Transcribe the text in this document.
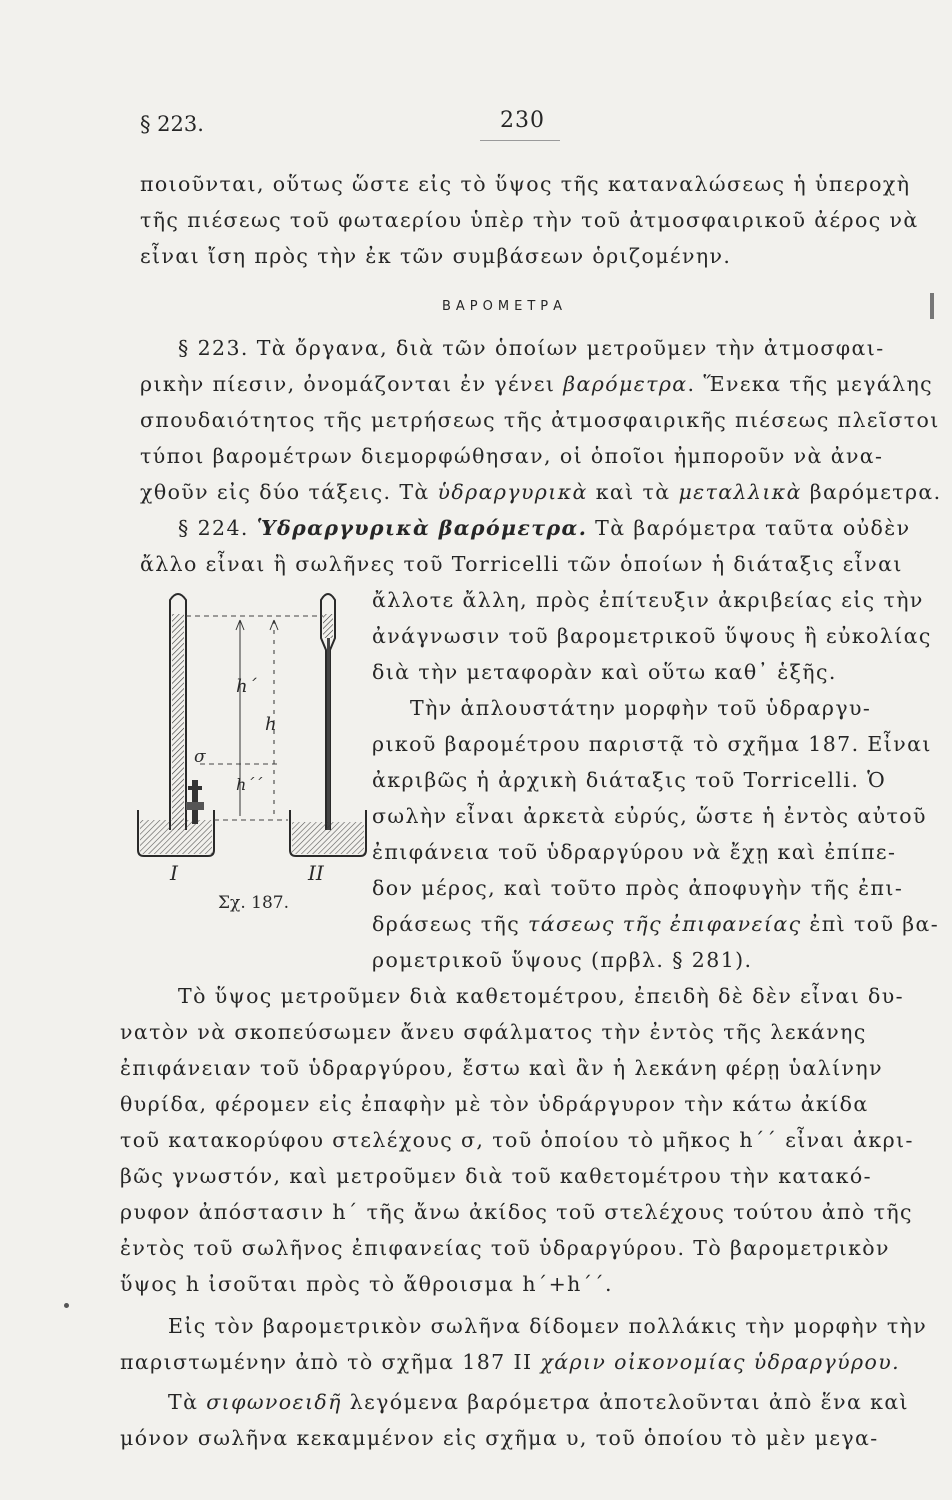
§ 223.	230
ποιοῦνται, οὕτως ὥστε εἰς τὸ ὕψος τῆς καταναλώσεως ἡ ὑπεροχὴ
τῆς πιέσεως τοῦ φωταερίου ὑπὲρ τὴν τοῦ ἀτμοσφαιρικοῦ ἀέρος νὰ
εἶναι ἴση πρὸς τὴν ἐκ τῶν συμβάσεων ὁριζομένην.
ΒΑΡΟΜΕΤΡΑ
§ 223. Τὰ ὄργανα, διὰ τῶν ὁποίων μετροῦμεν τὴν ἀτμοσφαι-
ρικὴν πίεσιν, ὀνομάζονται ἐν γένει βαρόμετρα. Ἕνεκα τῆς μεγάλης
σπουδαιότητος τῆς μετρήσεως τῆς ἀτμοσφαιρικῆς πιέσεως πλεῖστοι
τύποι βαρομέτρων διεμορφώθησαν, οἱ ὁποῖοι ἠμποροῦν νὰ ἀνα-
χθοῦν εἰς δύο τάξεις. Τὰ ὑδραργυρικὰ καὶ τὰ μεταλλικὰ βαρόμετρα.
§ 224. Ὑδραργυρικὰ βαρόμετρα. Τὰ βαρόμετρα ταῦτα οὐδὲν
ἄλλο εἶναι ἢ σωλῆνες τοῦ Torricelli τῶν ὁποίων ἡ διάταξις εἶναι
ἄλλοτε ἄλλη, πρὸς ἐπίτευξιν ἀκριβείας εἰς τὴν
ἀνάγνωσιν τοῦ βαρομετρικοῦ ὕψους ἢ εὐκολίας
διὰ τὴν μεταφορὰν καὶ οὕτω καθ᾿ ἑξῆς.
Τὴν ἁπλουστάτην μορφὴν τοῦ ὑδραργυ-
ρικοῦ βαρομέτρου παριστᾷ τὸ σχῆμα 187. Εἶναι
ἀκριβῶς ἡ ἀρχικὴ διάταξις τοῦ Torricelli. Ὁ
σωλὴν εἶναι ἀρκετὰ εὐρύς, ὥστε ἡ ἐντὸς αὐτοῦ
ἐπιφάνεια τοῦ ὑδραργύρου νὰ ἔχῃ καὶ ἐπίπε-
δον μέρος, καὶ τοῦτο πρὸς ἀποφυγὴν τῆς ἐπι-
δράσεως τῆς τάσεως τῆς ἐπιφανείας ἐπὶ τοῦ βα-
ρομετρικοῦ ὕψους (πρβλ. § 281).
Τὸ ὕψος μετροῦμεν διὰ καθετομέτρου, ἐπειδὴ δὲ δὲν εἶναι δυ-
νατὸν νὰ σκοπεύσωμεν ἄνευ σφάλματος τὴν ἐντὸς τῆς λεκάνης
ἐπιφάνειαν τοῦ ὑδραργύρου, ἔστω καὶ ἂν ἡ λεκάνη φέρῃ ὑαλίνην
θυρίδα, φέρομεν εἰς ἐπαφὴν μὲ τὸν ὑδράργυρον τὴν κάτω ἀκίδα
τοῦ κατακορύφου στελέχους σ, τοῦ ὁποίου τὸ μῆκος h´´ εἶναι ἀκρι-
βῶς γνωστόν, καὶ μετροῦμεν διὰ τοῦ καθετομέτρου τὴν κατακό-
ρυφον ἀπόστασιν h´ τῆς ἄνω ἀκίδος τοῦ στελέχους τούτου ἀπὸ τῆς
ἐντὸς τοῦ σωλῆνος ἐπιφανείας τοῦ ὑδραργύρου. Τὸ βαρομετρικὸν
ὕψος h ἰσοῦται πρὸς τὸ ἄθροισμα h´+h´´.
Εἰς τὸν βαρομετρικὸν σωλῆνα δίδομεν πολλάκις τὴν μορφὴν τὴν
παριστωμένην ἀπὸ τὸ σχῆμα 187 II χάριν οἰκονομίας ὑδραργύρου.
Τὰ σιφωνοειδῆ λεγόμενα βαρόμετρα ἀποτελοῦνται ἀπὸ ἕνα καὶ
μόνον σωλῆνα κεκαμμένον εἰς σχῆμα υ, τοῦ ὁποίου τὸ μὲν μεγα-
h´
h
h´´
σ
I	II
Σχ. 187.
